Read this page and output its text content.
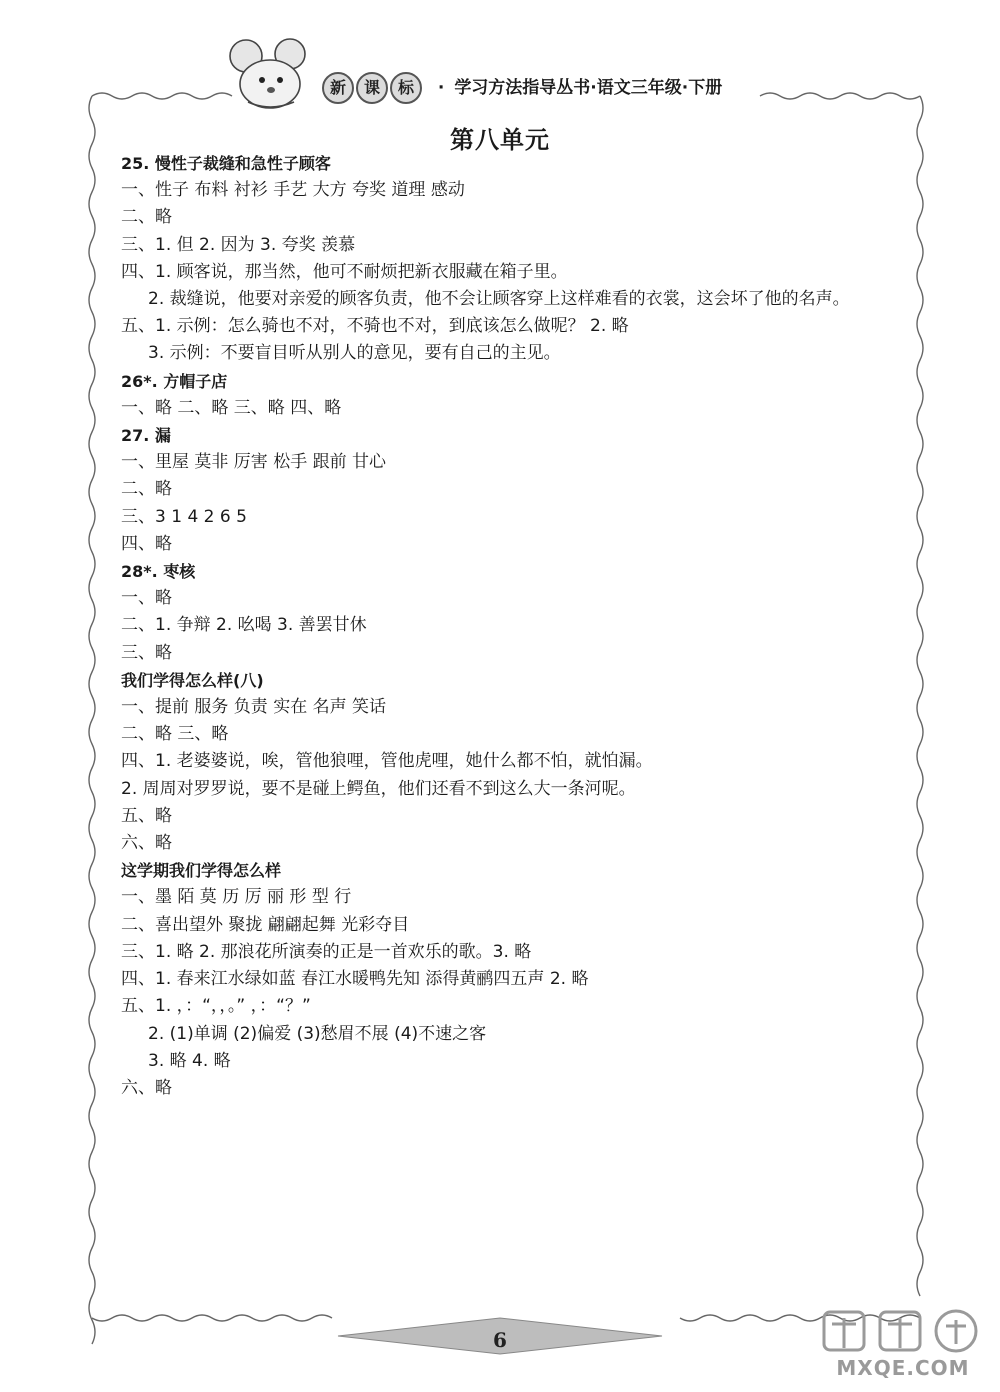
新 课 标 · 学习方法指导丛书·语文三年级·下册
第八单元
25. 慢性子裁缝和急性子顾客
一、性子 布料 衬衫 手艺 大方 夸奖 道理 感动
二、略
三、1. 但 2. 因为 3. 夸奖 羡慕
四、1. 顾客说，那当然，他可不耐烦把新衣服藏在箱子里。
2. 裁缝说，他要对亲爱的顾客负责，他不会让顾客穿上这样难看的衣裳，这会坏了他的名声。
五、1. 示例：怎么骑也不对，不骑也不对，到底该怎么做呢？ 2. 略
3. 示例：不要盲目听从别人的意见，要有自己的主见。
26*. 方帽子店
一、略 二、略 三、略 四、略
27. 漏
一、里屋 莫非 厉害 松手 跟前 甘心
二、略
三、3 1 4 2 6 5
四、略
28*. 枣核
一、略
二、1. 争辩 2. 吆喝 3. 善罢甘休
三、略
我们学得怎么样(八)
一、提前 服务 负责 实在 名声 笑话
二、略 三、略
四、1. 老婆婆说，唉，管他狼哩，管他虎哩，她什么都不怕，就怕漏。
2. 周周对罗罗说，要不是碰上鳄鱼，他们还看不到这么大一条河呢。
五、略
六、略
这学期我们学得怎么样
一、墨 陌 莫 历 厉 丽 形 型 行
二、喜出望外 聚拢 翩翩起舞 光彩夺目
三、1. 略 2. 那浪花所演奏的正是一首欢乐的歌。3. 略
四、1. 春来江水绿如蓝 春江水暖鸭先知 添得黄鹂四五声 2. 略
五、1. ，：“，，。” ，：“？”
2. (1)单调 (2)偏爱 (3)愁眉不展 (4)不速之客
3. 略 4. 略
六、略
6
MXQE.COM
